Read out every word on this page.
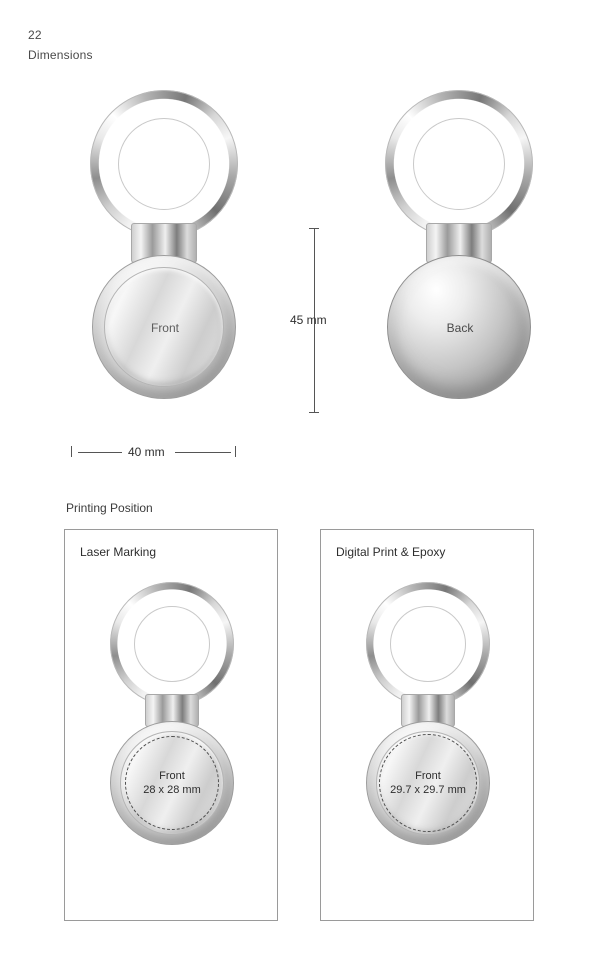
22
Dimensions
Front	Back
45 mm
40 mm
Printing Position
Laser Marking
Front
28 x 28 mm
Digital Print & Epoxy
Front
29.7 x 29.7 mm
